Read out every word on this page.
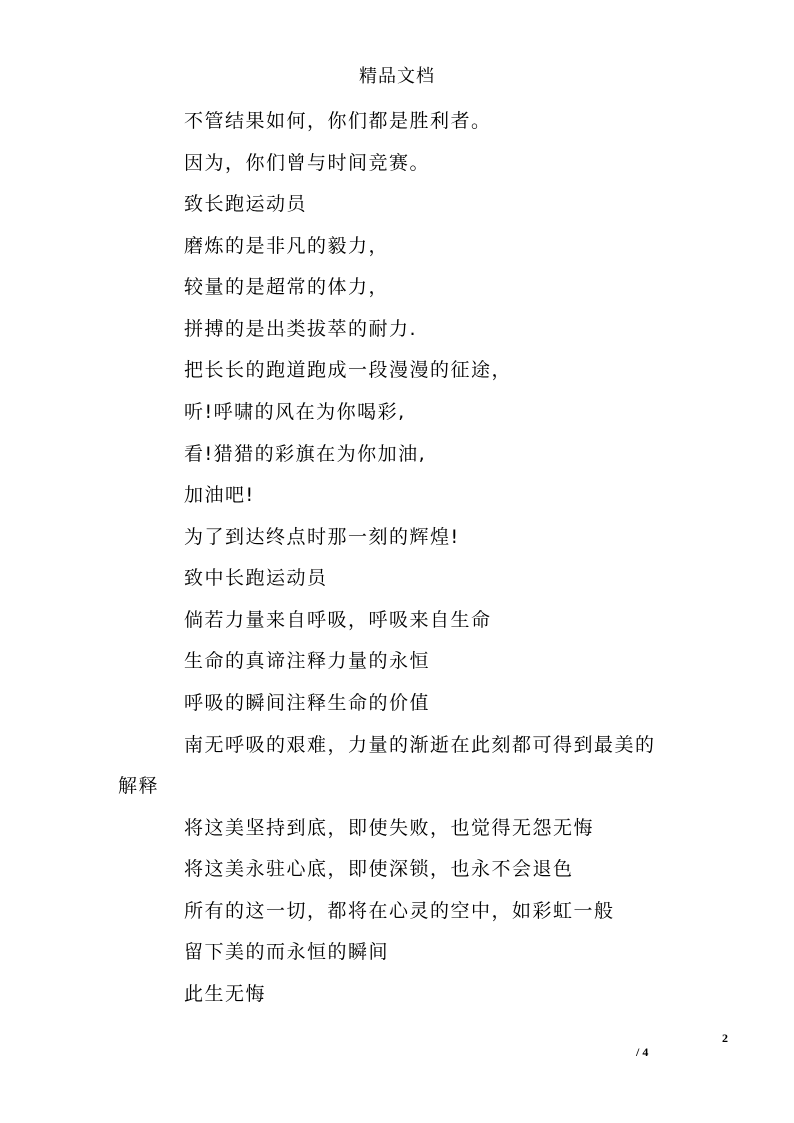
精品文档
不管结果如何，你们都是胜利者。
因为，你们曾与时间竞赛。
致长跑运动员
磨炼的是非凡的毅力，
较量的是超常的体力，
拼搏的是出类拔萃的耐力.
把长长的跑道跑成一段漫漫的征途，
听!呼啸的风在为你喝彩,
看!猎猎的彩旗在为你加油,
加油吧!
为了到达终点时那一刻的辉煌!
致中长跑运动员
倘若力量来自呼吸，呼吸来自生命
生命的真谛注释力量的永恒
呼吸的瞬间注释生命的价值
南无呼吸的艰难，力量的渐逝在此刻都可得到最美的
解释
将这美坚持到底，即使失败，也觉得无怨无悔
将这美永驻心底，即使深锁，也永不会退色
所有的这一切，都将在心灵的空中，如彩虹一般
留下美的而永恒的瞬间
此生无悔
2
/ 4
